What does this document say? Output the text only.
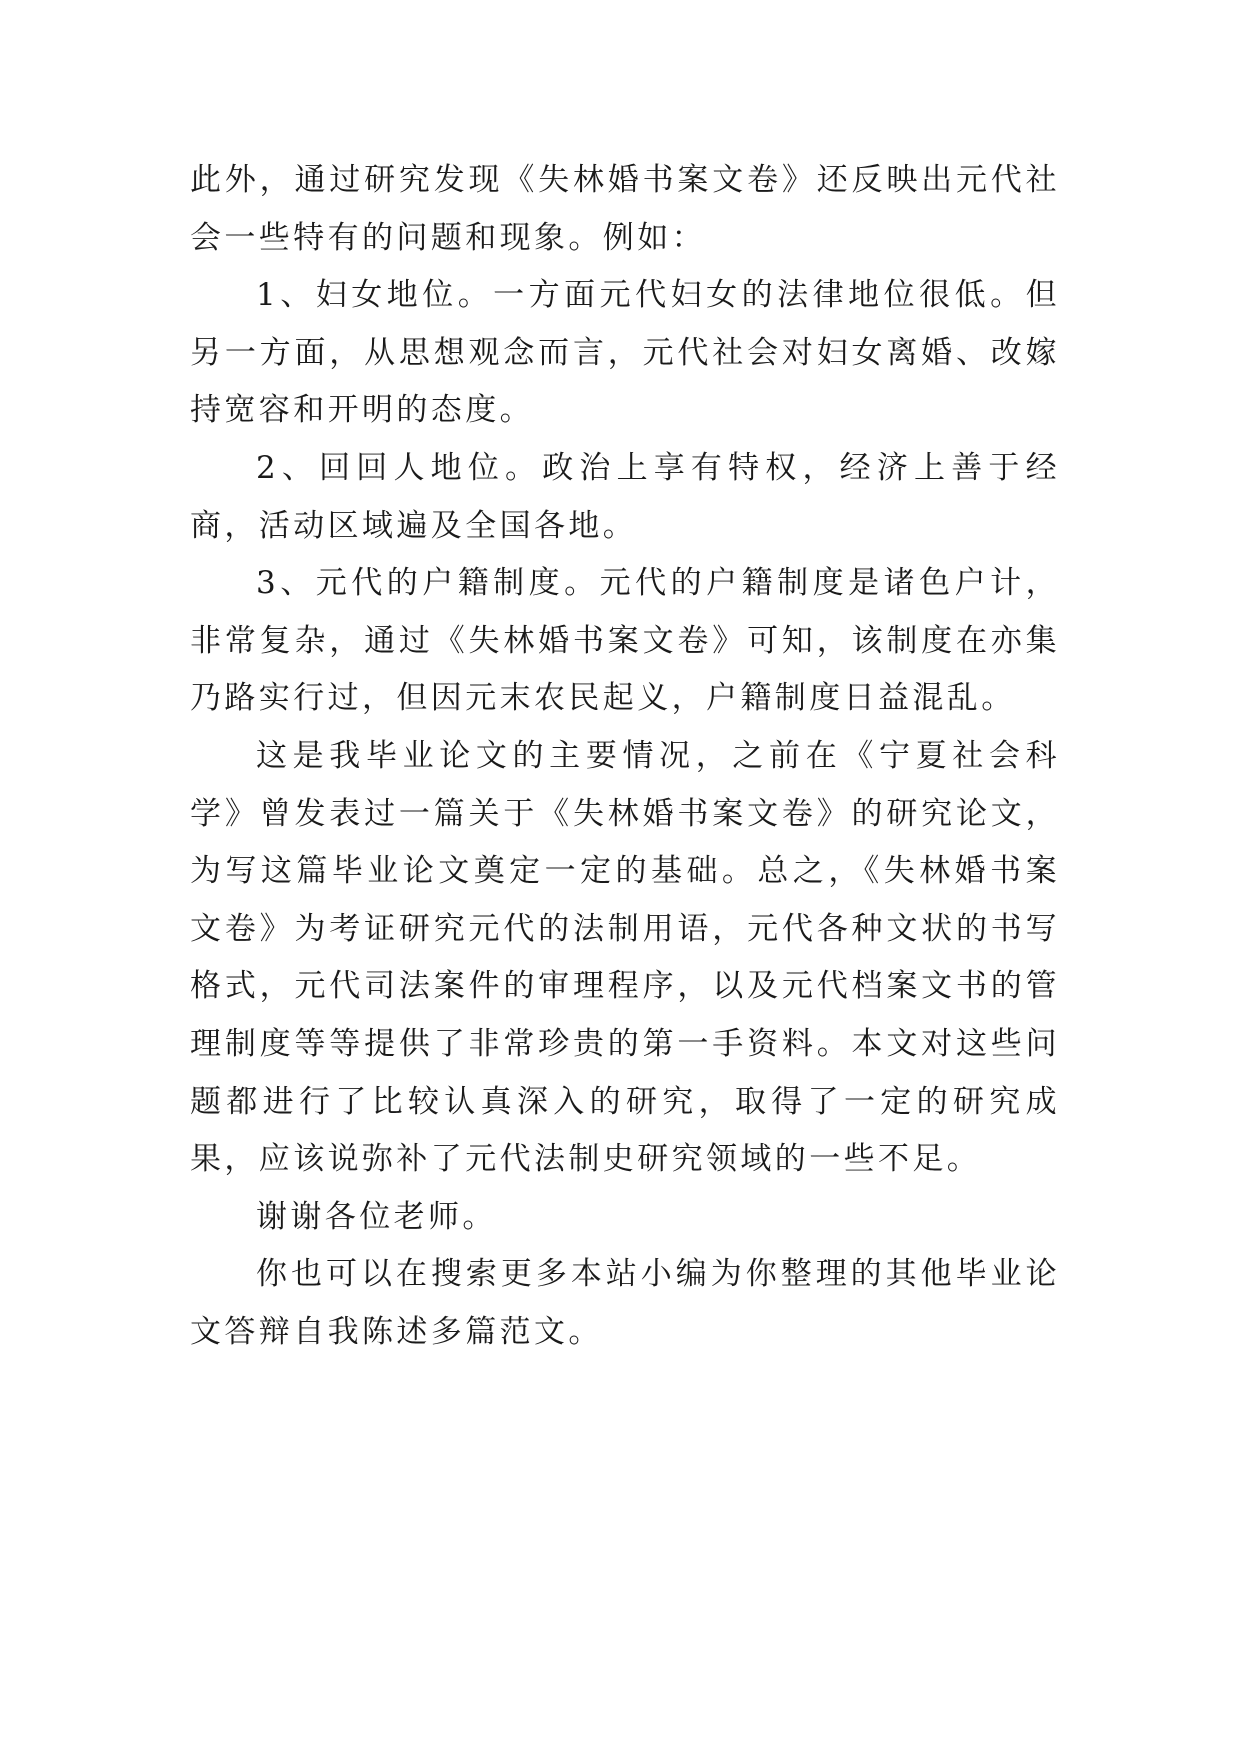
此外，通过研究发现《失林婚书案文卷》还反映出元代社会一些特有的问题和现象。例如：

1、妇女地位。一方面元代妇女的法律地位很低。但另一方面，从思想观念而言，元代社会对妇女离婚、改嫁持宽容和开明的态度。

2、回回人地位。政治上享有特权，经济上善于经商，活动区域遍及全国各地。

3、元代的户籍制度。元代的户籍制度是诸色户计，非常复杂，通过《失林婚书案文卷》可知，该制度在亦集乃路实行过，但因元末农民起义，户籍制度日益混乱。

这是我毕业论文的主要情况，之前在《宁夏社会科学》曾发表过一篇关于《失林婚书案文卷》的研究论文，为写这篇毕业论文奠定一定的基础。总之，《失林婚书案文卷》为考证研究元代的法制用语，元代各种文状的书写格式，元代司法案件的审理程序，以及元代档案文书的管理制度等等提供了非常珍贵的第一手资料。本文对这些问题都进行了比较认真深入的研究，取得了一定的研究成果，应该说弥补了元代法制史研究领域的一些不足。

谢谢各位老师。

你也可以在搜索更多本站小编为你整理的其他毕业论文答辩自我陈述多篇范文。
